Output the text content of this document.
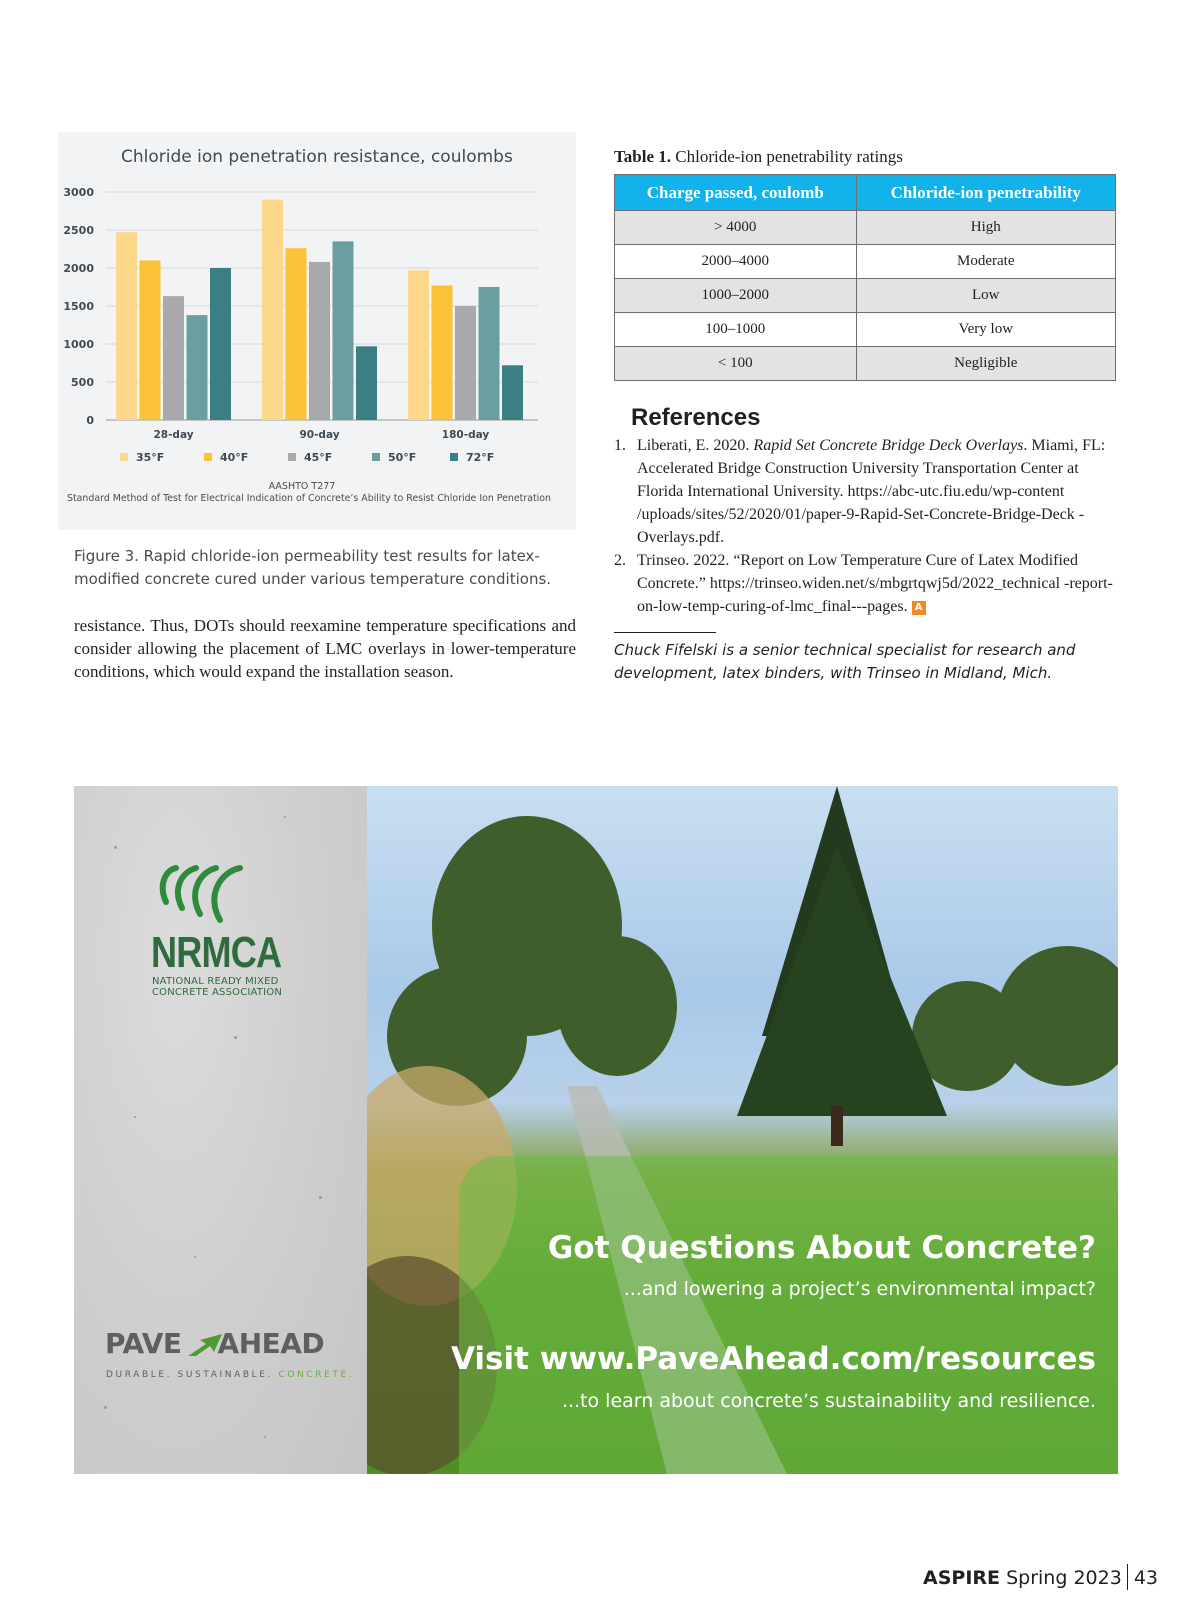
Chloride ion penetration resistance, coulombs
0
500
1000
1500
2000
2500
3000
28-day	90-day	180-day
35°F	40°F	45°F	50°F	72°F
AASHTO T277
Standard Method of Test for Electrical Indication of Concrete’s Ability to Resist Chloride Ion Penetration
Figure 3. Rapid chloride-ion permeability test results for latex-modified concrete cured under various temperature conditions.
resistance. Thus, DOTs should reexamine temperature specifications and consider allowing the placement of LMC overlays in lower-temperature conditions, which would expand the installation season.
Table 1. Chloride-ion penetrability ratings
Charge passed, coulomb	Chloride-ion penetrability
> 4000	High
2000–4000	Moderate
1000–2000	Low
100–1000	Very low
< 100	Negligible
References

1. Liberati, E. 2020. Rapid Set Concrete Bridge Deck Overlays. Miami, FL: Accelerated Bridge Construction University Transportation Center at Florida International University. https://abc-utc.fiu.edu/wp-content /uploads/sites/52/2020/01/paper-9-Rapid-Set-Concrete-Bridge-Deck -Overlays.pdf.

2. Trinseo. 2022. “Report on Low Temperature Cure of Latex Modified Concrete.” https://trinseo.widen.net/s/mbgrtqwj5d/2022_technical -report-on-low-temp-curing-of-lmc_final---pages. A

Chuck Fifelski is a senior technical specialist for research and development, latex binders, with Trinseo in Midland, Mich.
NRMCA
NATIONAL READY MIXED CONCRETE ASSOCIATION
PAVE AHEAD
DURABLE. SUSTAINABLE. CONCRETE.
Got Questions About Concrete?
...and lowering a project’s environmental impact?
Visit www.PaveAhead.com/resources
...to learn about concrete’s sustainability and resilience.
ASPIRE Spring 2023 43
